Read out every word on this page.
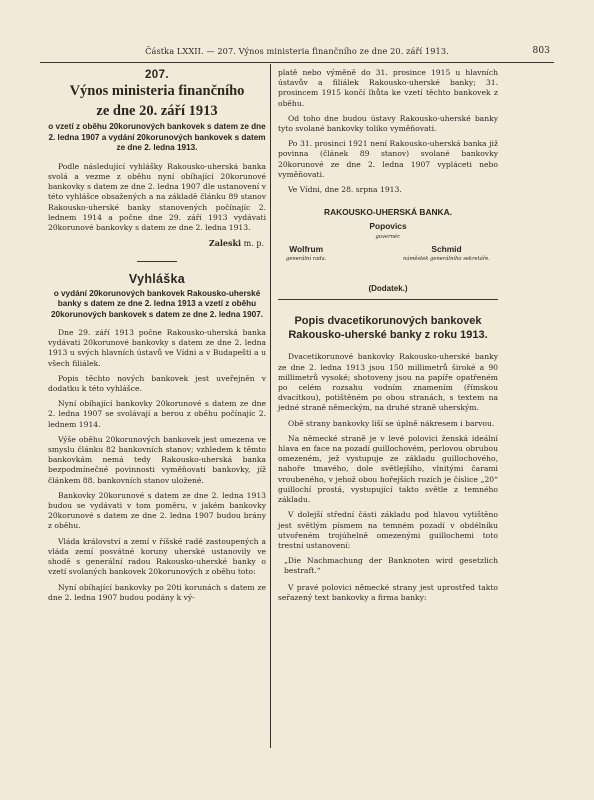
Částka LXXII. — 207. Výnos ministeria finančního ze dne 20. září 1913.	803
207.
Výnos ministeria finančního
ze dne 20. září 1913
o vzetí z oběhu 20korunových bankovek s datem ze dne 2. ledna 1907 a vydání 20korunových bankovek s datem ze dne 2. ledna 1913.

Podle následující vyhlášky Rakousko-uherská banka svolá a vezme z oběhu nyní obíhající 20korunové bankovky s datem ze dne 2. ledna 1907 dle ustanovení v této vyhlášce obsažených a na základě článku 89 stanov Rakousko-uherské banky stanovených počínajíc 2. lednem 1914 a počne dne 29. září 1913 vydávati 20korunové bankovky s datem ze dne 2. ledna 1913.

Zaleski m. p.
Vyhláška
o vydání 20korunových bankovek Rakousko-uherské banky s datem ze dne 2. ledna 1913 a vzetí z oběhu 20korunových bankovek s datem ze dne 2. ledna 1907.

Dne 29. září 1913 počne Rakousko-uherská banka vydávati 20korunové bankovky s datem ze dne 2. ledna 1913 u svých hlavních ústavů ve Vídni a v Budapešti a u všech filiálek.

Popis těchto nových bankovek jest uveřejněn v dodatku k této vyhlášce.

Nyní obíhající bankovky 20korunové s datem ze dne 2. ledna 1907 se svolávají a berou z oběhu počínajíc 2. lednem 1914.

Výše oběhu 20korunových bankovek jest omezena ve smyslu článku 82 bankovních stanov; vzhledem k těmto bankovkám nemá tedy Rakousko-uherská banka bezpodmínečné povinnosti vyměňovati bankovky, jíž článkem 88. bankovních stanov uložené.

Bankovky 20korunové s datem ze dne 2. ledna 1913 budou se vydávati v tom poměru, v jakém bankovky 20korunové s datem ze dne 2. ledna 1907 budou brány z oběhu.

Vláda království a zemí v říšské radě zastoupených a vláda zemí posvátné koruny uherské ustanovily ve shodě s generální radou Rakousko-uherské banky o vzetí svolaných bankovek 20korunových z oběhu toto:

Nyní obíhající bankovky po 20ti korunách s datem ze dne 2. ledna 1907 budou podány k vý-

platě nebo výměně do 31. prosince 1915 u hlavních ústavův a filiálek Rakousko-uherské banky; 31. prosincem 1915 končí lhůta ke vzetí těchto bankovek z oběhu.

Od toho dne budou ústavy Rakousko-uherské banky tyto svolané bankovky toliko vyměňovati.

Po 31. prosinci 1921 není Rakousko-uherská banka již povinna (článek 89 stanov) svolané bankovky 20korunové ze dne 2. ledna 1907 vypláceti nebo vyměňovati.

Ve Vídni, dne 28. srpna 1913.

RAKOUSKO-UHERSKÁ BANKA.
Popovics
guvernér.
Wolfrum
generální rada.
Schmid
náměstek generálního sekretáře.
(Dodatek.)
Popis dvacetikorunových bankovek Rakousko-uherské banky z roku 1913.

Dvacetikorunové bankovky Rakousko-uherské banky ze dne 2. ledna 1913 jsou 150 millimetrů široké a 90 millimetrů vysoké; shotoveny jsou na papíře opatřeném po celém rozsahu vodním znamením (římskou dvacítkou), potištěném po obou stranách, s textem na jedné straně německým, na druhé straně uherským.

Obě strany bankovky liší se úplně nákresem i barvou.

Na německé straně je v levé polovici ženská ideální hlava en face na pozadí guillochovém, perlovou obrubou omezeném, jež vystupuje ze základu guillochového, nahoře tmavého, dole světlejšího, vlnitými čarami vroubeného, v jehož obou hořejších rozích je číslice „20“ guillochí prostá, vystupující takto světle z temného základu.

V dolejší střední části základu pod hlavou vytištěno jest světlým písmem na temném pozadí v obdélníku utvořeném trojúhelně omezenými guillochemi toto trestní ustanovení:

„Die Nachmachung der Banknoten wird gesetzlich bestraft.“

V pravé polovici německé strany jest uprostřed takto seřazený text bankovky a firma banky:
